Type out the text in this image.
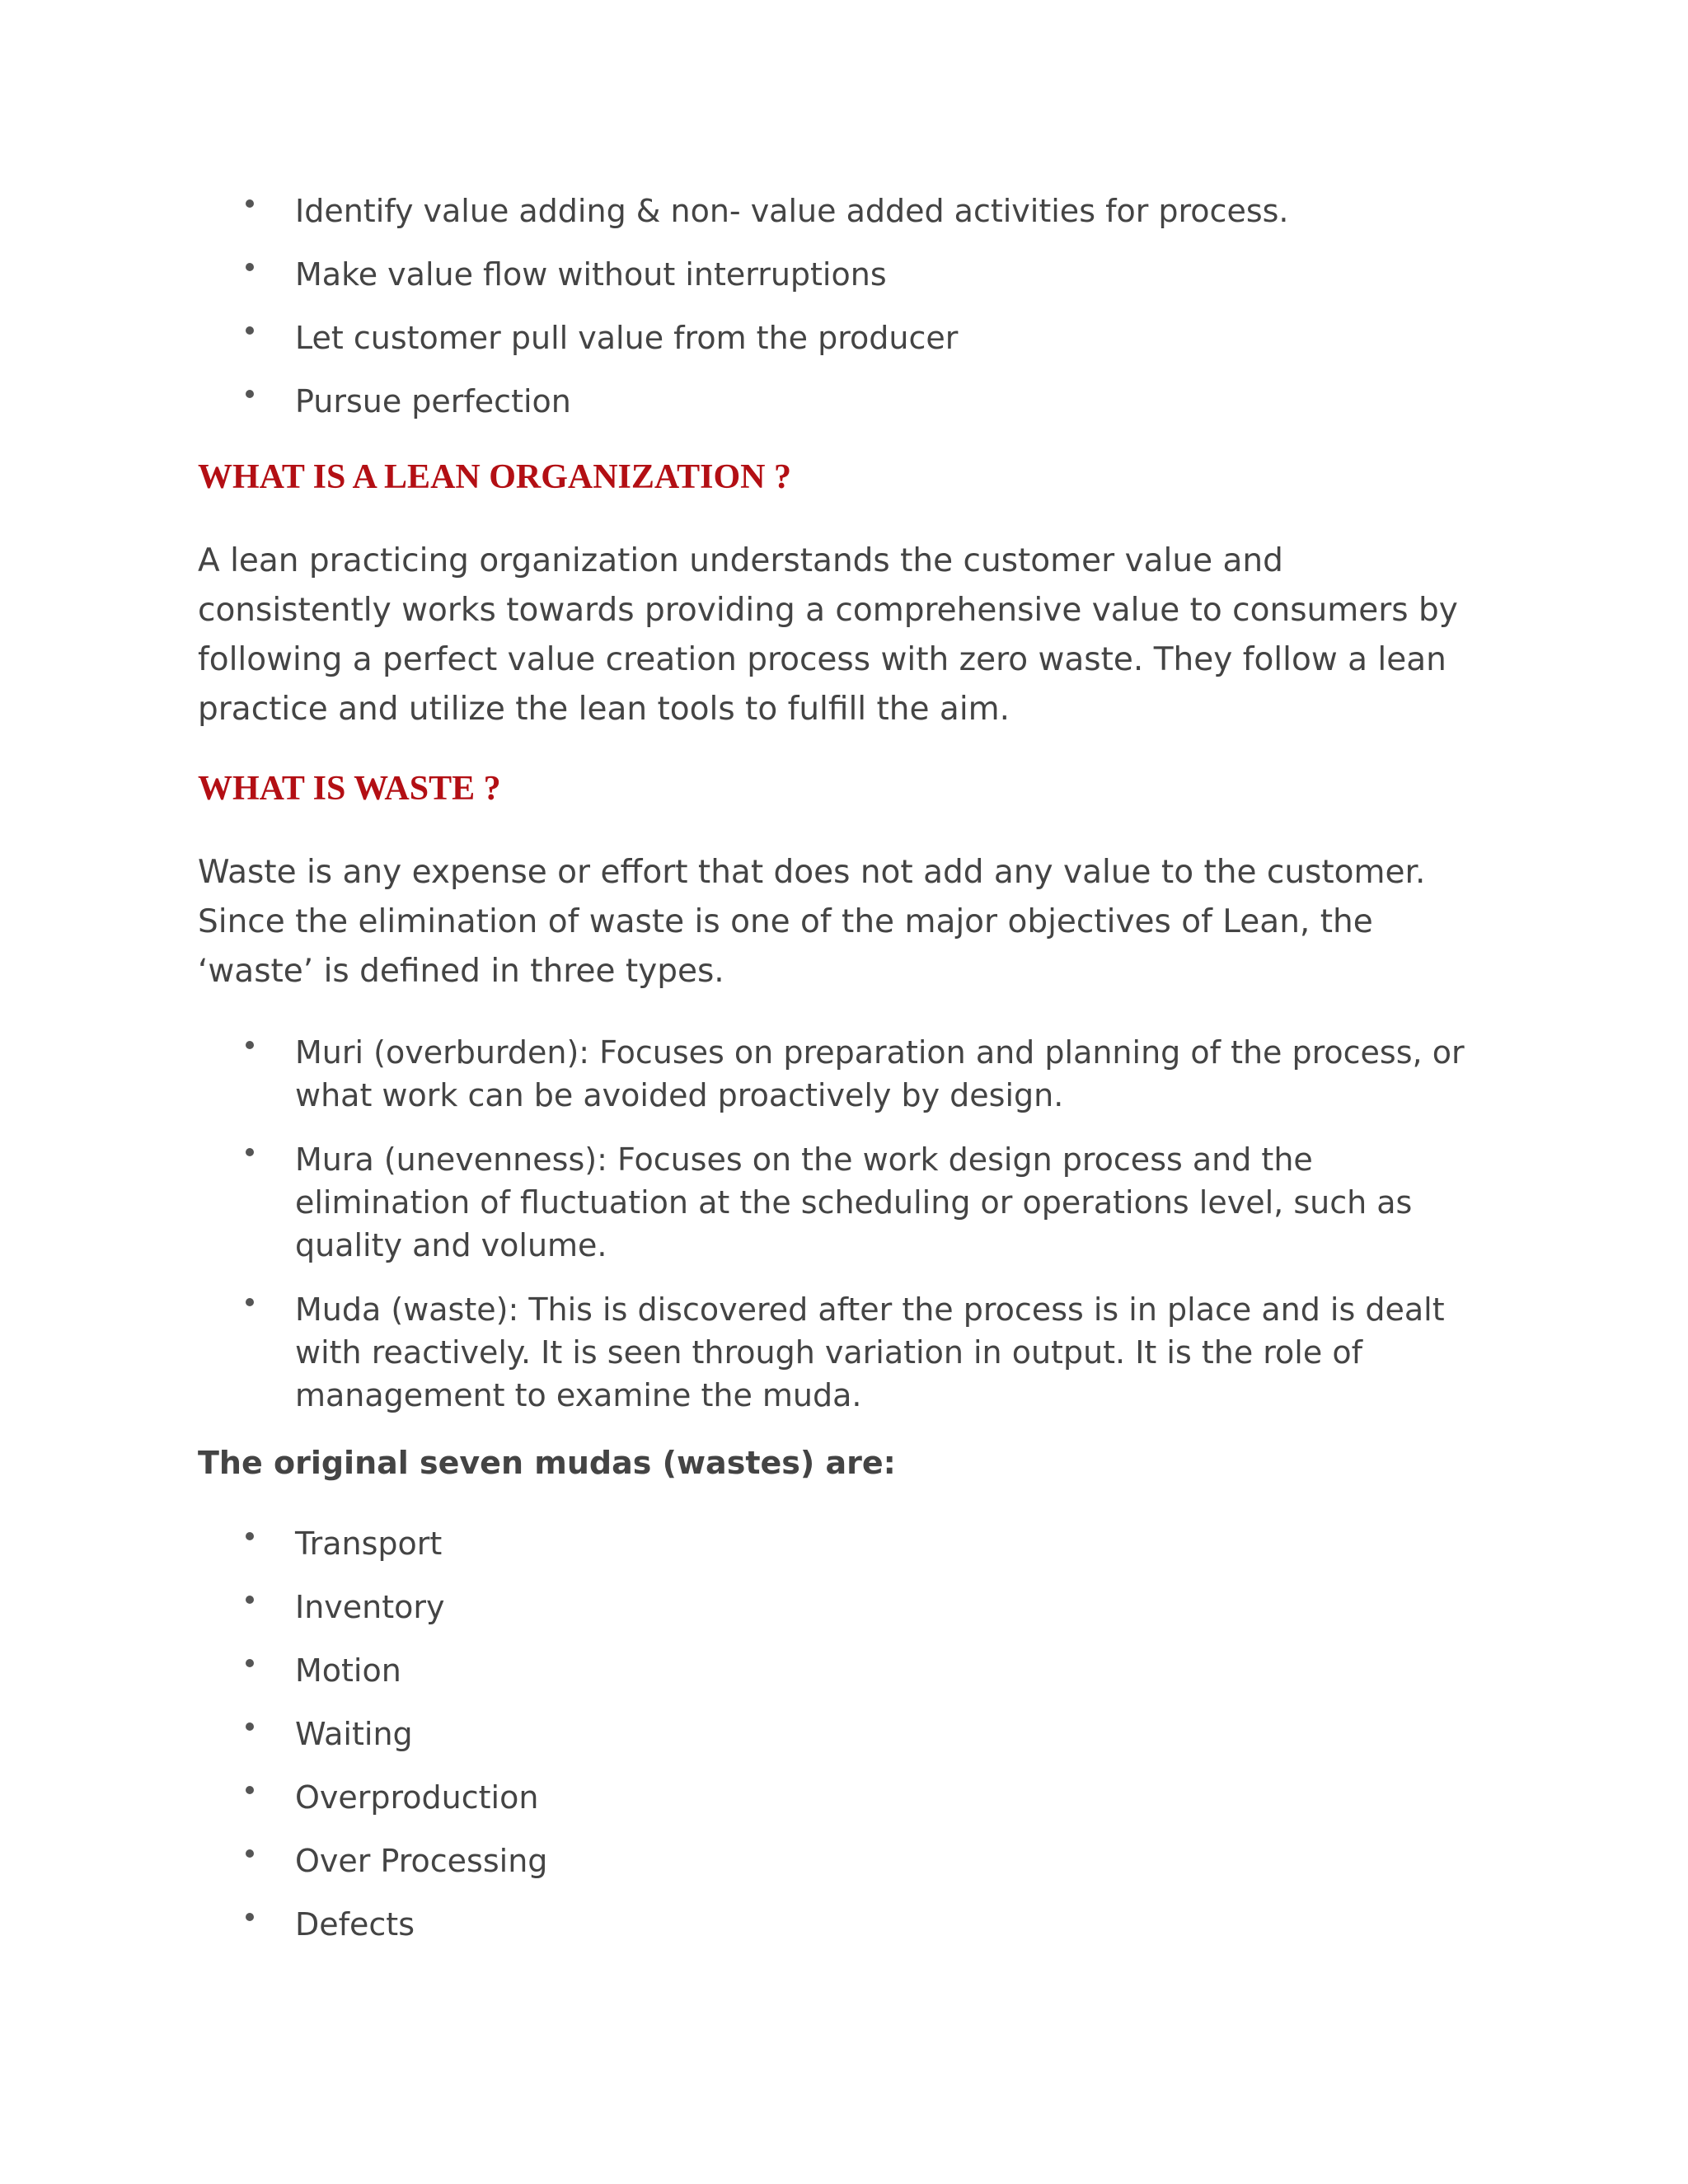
Identify value adding & non- value added activities for process.
Make value flow without interruptions
Let customer pull value from the producer
Pursue perfection
WHAT IS A LEAN ORGANIZATION ?

A lean practicing organization understands the customer value and consistently works towards providing a comprehensive value to consumers by following a perfect value creation process with zero waste. They follow a lean practice and utilize the lean tools to fulfill the aim.

WHAT IS WASTE ?

Waste is any expense or effort that does not add any value to the customer. Since the elimination of waste is one of the major objectives of Lean, the ‘waste’ is defined in three types.

Muri (overburden): Focuses on preparation and planning of the process, or what work can be avoided proactively by design.
Mura (unevenness): Focuses on the work design process and the elimination of fluctuation at the scheduling or operations level, such as quality and volume.
Muda (waste): This is discovered after the process is in place and is dealt with reactively. It is seen through variation in output. It is the role of management to examine the muda.

The original seven mudas (wastes) are:

Transport
Inventory
Motion
Waiting
Overproduction
Over Processing
Defects
